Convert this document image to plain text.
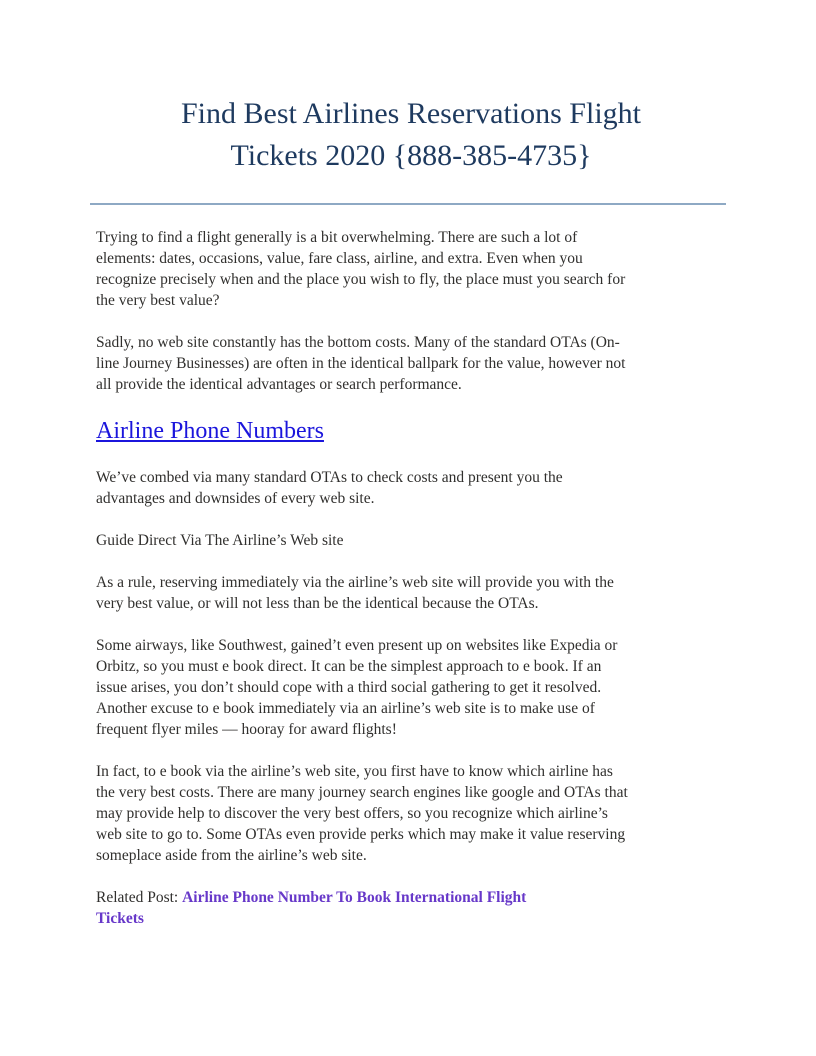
Find Best Airlines Reservations Flight
Tickets 2020 {888-385-4735}

Trying to find a flight generally is a bit overwhelming. There are such a lot of
elements: dates, occasions, value, fare class, airline, and extra. Even when you
recognize precisely when and the place you wish to fly, the place must you search for
the very best value?

Sadly, no web site constantly has the bottom costs. Many of the standard OTAs (On-
line Journey Businesses) are often in the identical ballpark for the value, however not
all provide the identical advantages or search performance.

Airline Phone Numbers

We’ve combed via many standard OTAs to check costs and present you the
advantages and downsides of every web site.

Guide Direct Via The Airline’s Web site

As a rule, reserving immediately via the airline’s web site will provide you with the
very best value, or will not less than be the identical because the OTAs.

Some airways, like Southwest, gained’t even present up on websites like Expedia or
Orbitz, so you must e book direct. It can be the simplest approach to e book. If an
issue arises, you don’t should cope with a third social gathering to get it resolved.
Another excuse to e book immediately via an airline’s web site is to make use of
frequent flyer miles — hooray for award flights!

In fact, to e book via the airline’s web site, you first have to know which airline has
the very best costs. There are many journey search engines like google and OTAs that
may provide help to discover the very best offers, so you recognize which airline’s
web site to go to. Some OTAs even provide perks which may make it value reserving
someplace aside from the airline’s web site.

Related Post: Airline Phone Number To Book International Flight
Tickets
